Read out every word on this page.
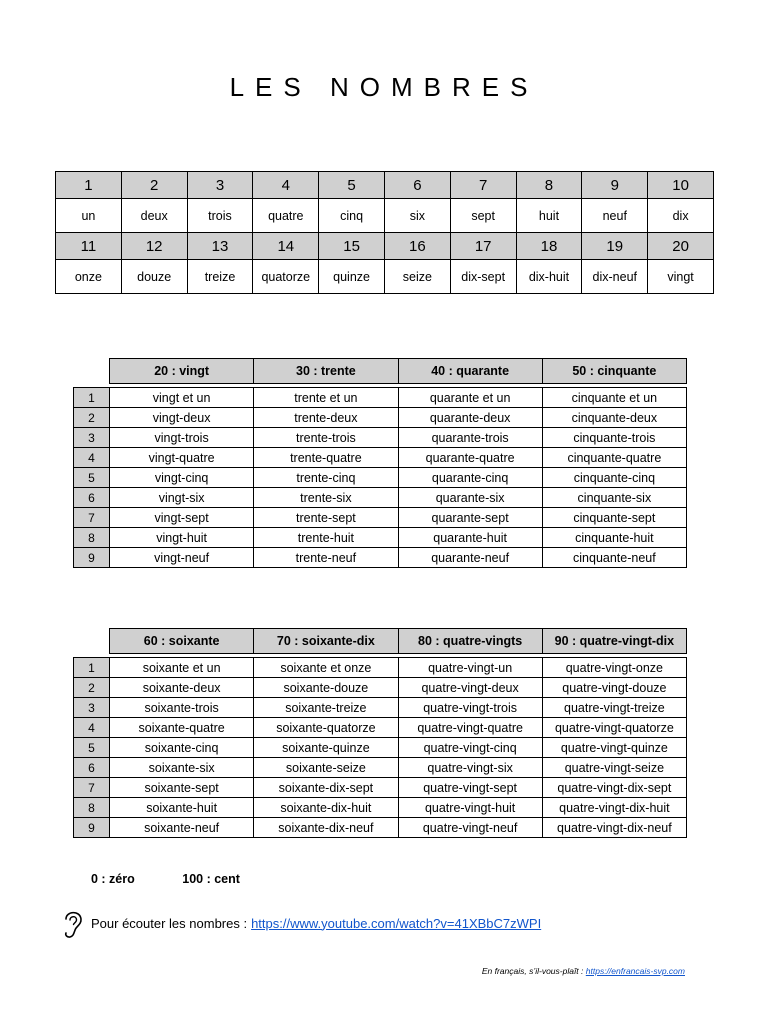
LES NOMBRES
1	2	3	4	5	6	7	8	9	10
un	deux	trois	quatre	cinq	six	sept	huit	neuf	dix
11	12	13	14	15	16	17	18	19	20
onze	douze	treize	quatorze	quinze	seize	dix-sept	dix-huit	dix-neuf	vingt
	20 : vingt	30 : trente	40 : quarante	50 : cinquante

1	vingt et un	trente et un	quarante et un	cinquante et un
2	vingt-deux	trente-deux	quarante-deux	cinquante-deux
3	vingt-trois	trente-trois	quarante-trois	cinquante-trois
4	vingt-quatre	trente-quatre	quarante-quatre	cinquante-quatre
5	vingt-cinq	trente-cinq	quarante-cinq	cinquante-cinq
6	vingt-six	trente-six	quarante-six	cinquante-six
7	vingt-sept	trente-sept	quarante-sept	cinquante-sept
8	vingt-huit	trente-huit	quarante-huit	cinquante-huit
9	vingt-neuf	trente-neuf	quarante-neuf	cinquante-neuf
	60 : soixante	70 : soixante-dix	80 : quatre-vingts	90 : quatre-vingt-dix

1	soixante et un	soixante et onze	quatre-vingt-un	quatre-vingt-onze
2	soixante-deux	soixante-douze	quatre-vingt-deux	quatre-vingt-douze
3	soixante-trois	soixante-treize	quatre-vingt-trois	quatre-vingt-treize
4	soixante-quatre	soixante-quatorze	quatre-vingt-quatre	quatre-vingt-quatorze
5	soixante-cinq	soixante-quinze	quatre-vingt-cinq	quatre-vingt-quinze
6	soixante-six	soixante-seize	quatre-vingt-six	quatre-vingt-seize
7	soixante-sept	soixante-dix-sept	quatre-vingt-sept	quatre-vingt-dix-sept
8	soixante-huit	soixante-dix-huit	quatre-vingt-huit	quatre-vingt-dix-huit
9	soixante-neuf	soixante-dix-neuf	quatre-vingt-neuf	quatre-vingt-dix-neuf
0 : zéro	100 : cent
Pour écouter les nombres : https://www.youtube.com/watch?v=41XBbC7zWPI
En français, s’il-vous-plaît : https://enfrancais-svp.com
